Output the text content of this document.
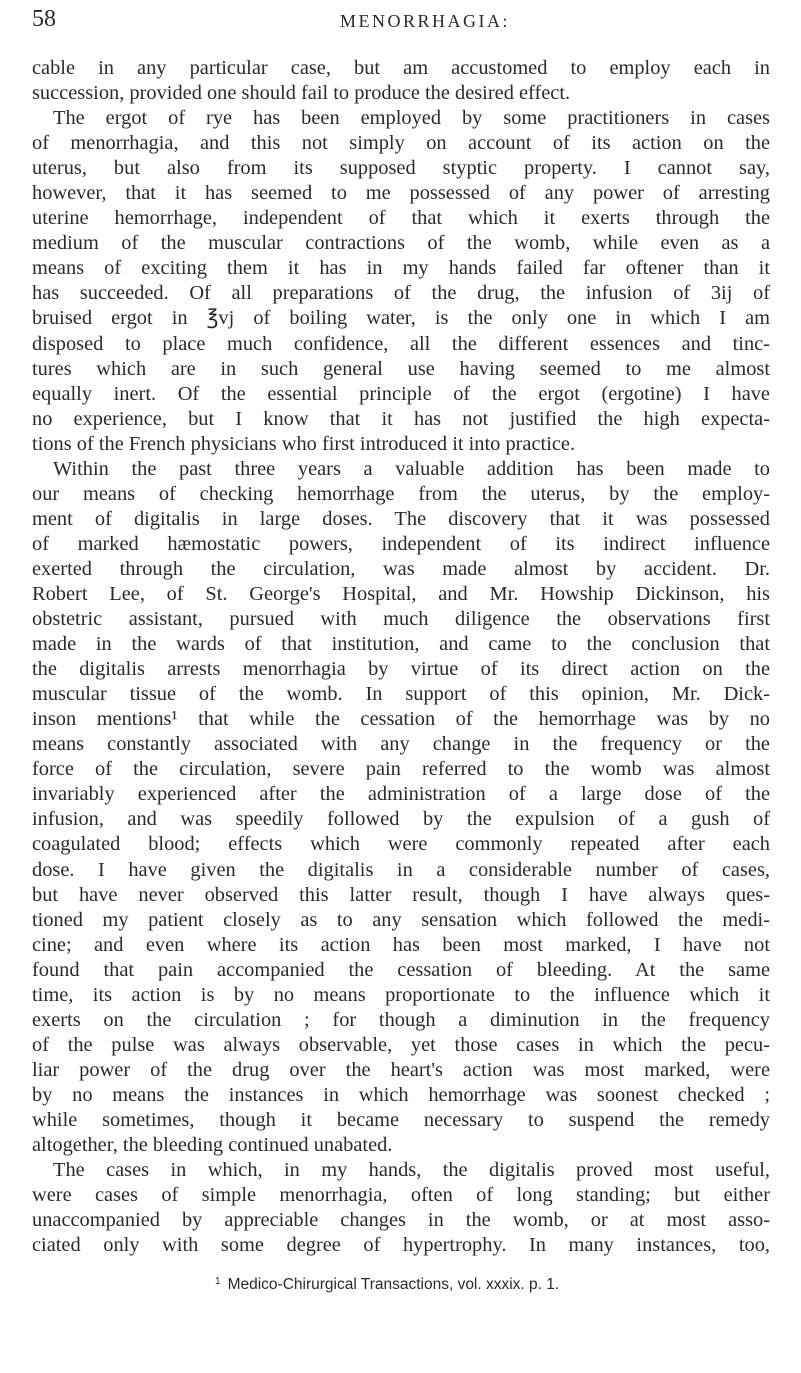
58	MENORRHAGIA:
cable in any particular case, but am accustomed to employ each in
succession, provided one should fail to produce the desired effect.
The ergot of rye has been employed by some practitioners in cases
of menorrhagia, and this not simply on account of its action on the
uterus, but also from its supposed styptic property. I cannot say,
however, that it has seemed to me possessed of any power of arresting
uterine hemorrhage, independent of that which it exerts through the
medium of the muscular contractions of the womb, while even as a
means of exciting them it has in my hands failed far oftener than it
has succeeded. Of all preparations of the drug, the infusion of 3ij of
bruised ergot in ℥vj of boiling water, is the only one in which I am
disposed to place much confidence, all the different essences and tinc-
tures which are in such general use having seemed to me almost
equally inert. Of the essential principle of the ergot (ergotine) I have
no experience, but I know that it has not justified the high expecta-
tions of the French physicians who first introduced it into practice.
Within the past three years a valuable addition has been made to
our means of checking hemorrhage from the uterus, by the employ-
ment of digitalis in large doses. The discovery that it was possessed
of marked hæmostatic powers, independent of its indirect influence
exerted through the circulation, was made almost by accident. Dr.
Robert Lee, of St. George's Hospital, and Mr. Howship Dickinson, his
obstetric assistant, pursued with much diligence the observations first
made in the wards of that institution, and came to the conclusion that
the digitalis arrests menorrhagia by virtue of its direct action on the
muscular tissue of the womb. In support of this opinion, Mr. Dick-
inson mentions¹ that while the cessation of the hemorrhage was by no
means constantly associated with any change in the frequency or the
force of the circulation, severe pain referred to the womb was almost
invariably experienced after the administration of a large dose of the
infusion, and was speedily followed by the expulsion of a gush of
coagulated blood; effects which were commonly repeated after each
dose. I have given the digitalis in a considerable number of cases,
but have never observed this latter result, though I have always ques-
tioned my patient closely as to any sensation which followed the medi-
cine; and even where its action has been most marked, I have not
found that pain accompanied the cessation of bleeding. At the same
time, its action is by no means proportionate to the influence which it
exerts on the circulation ; for though a diminution in the frequency
of the pulse was always observable, yet those cases in which the pecu-
liar power of the drug over the heart's action was most marked, were
by no means the instances in which hemorrhage was soonest checked ;
while sometimes, though it became necessary to suspend the remedy
altogether, the bleeding continued unabated.
The cases in which, in my hands, the digitalis proved most useful,
were cases of simple menorrhagia, often of long standing; but either
unaccompanied by appreciable changes in the womb, or at most asso-
ciated only with some degree of hypertrophy. In many instances, too,
$^1$ Medico-Chirurgical Transactions, vol. xxxix. p. 1.
